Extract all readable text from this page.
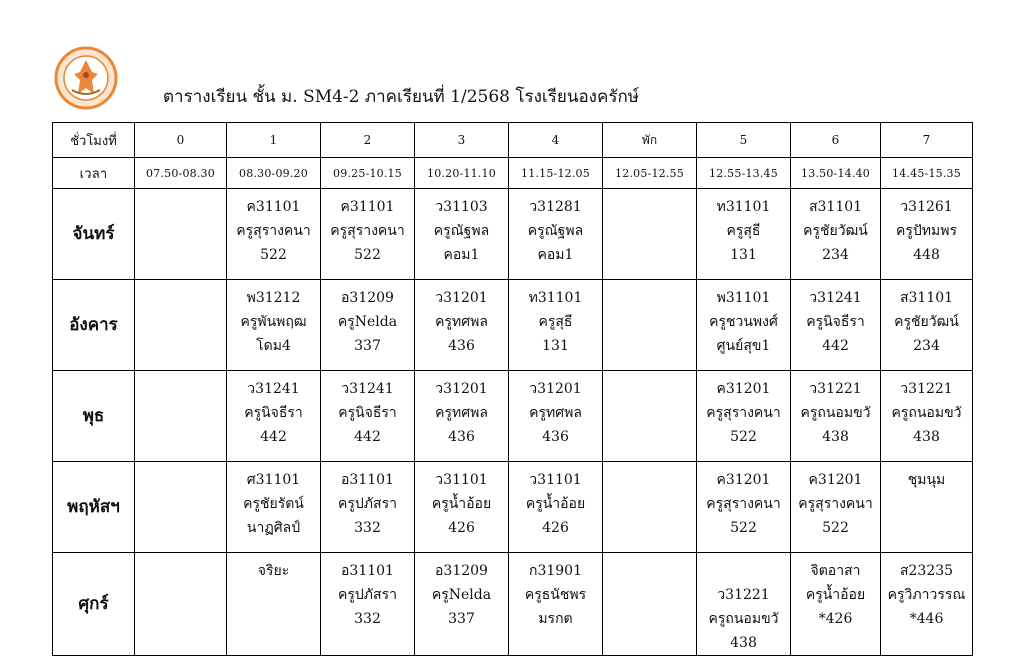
ตารางเรียน ชั้น ม. SM4-2 ภาคเรียนที่ 1/2568 โรงเรียนองครักษ์
ชั่วโมงที่	0	1	2	3	4	พัก	5	6	7
เวลา	07.50-08.30	08.30-09.20	09.25-10.15	10.20-11.10	11.15-12.05	12.05-12.55	12.55-13.45	13.50-14.40	14.45-15.35
จันทร์		ค31101
ครูสุรางคนา
522	ค31101
ครูสุรางคนา
522	ว31103
ครูณัฐพล
คอม1	ว31281
ครูณัฐพล
คอม1		ท31101
ครูสุธี
131	ส31101
ครูชัยวัฒน์
234	ว31261
ครูปัทมพร
448

อังคาร		พ31212
ครูพันพฤฒ
โดม4	อ31209
ครูNelda
337	ว31201
ครูทศพล
436	ท31101
ครูสุธี
131		พ31101
ครูชวนพงศ์
ศูนย์สุข1	ว31241
ครูนิจธีรา
442	ส31101
ครูชัยวัฒน์
234

พุธ		ว31241
ครูนิจธีรา
442	ว31241
ครูนิจธีรา
442	ว31201
ครูทศพล
436	ว31201
ครูทศพล
436		ค31201
ครูสุรางคนา
522	ว31221
ครูถนอมขวั
438	ว31221
ครูถนอมขวั
438

พฤหัสฯ		ศ31101
ครูชัยรัตน์
นาฏศิลป์	อ31101
ครูปภัสรา
332	ว31101
ครูน้ำอ้อย
426	ว31101
ครูน้ำอ้อย
426		ค31201
ครูสุรางคนา
522	ค31201
ครูสุรางคนา
522	ชุมนุม

ศุกร์		จริยะ	อ31101
ครูปภัสรา
332	อ31209
ครูNelda
337	ก31901
ครูธนัชพร
มรกต		ว31221
ครูถนอมขวั
438	จิตอาสา
ครูน้ำอ้อย
*426	ส23235
ครูวิภาวรรณ
*446
